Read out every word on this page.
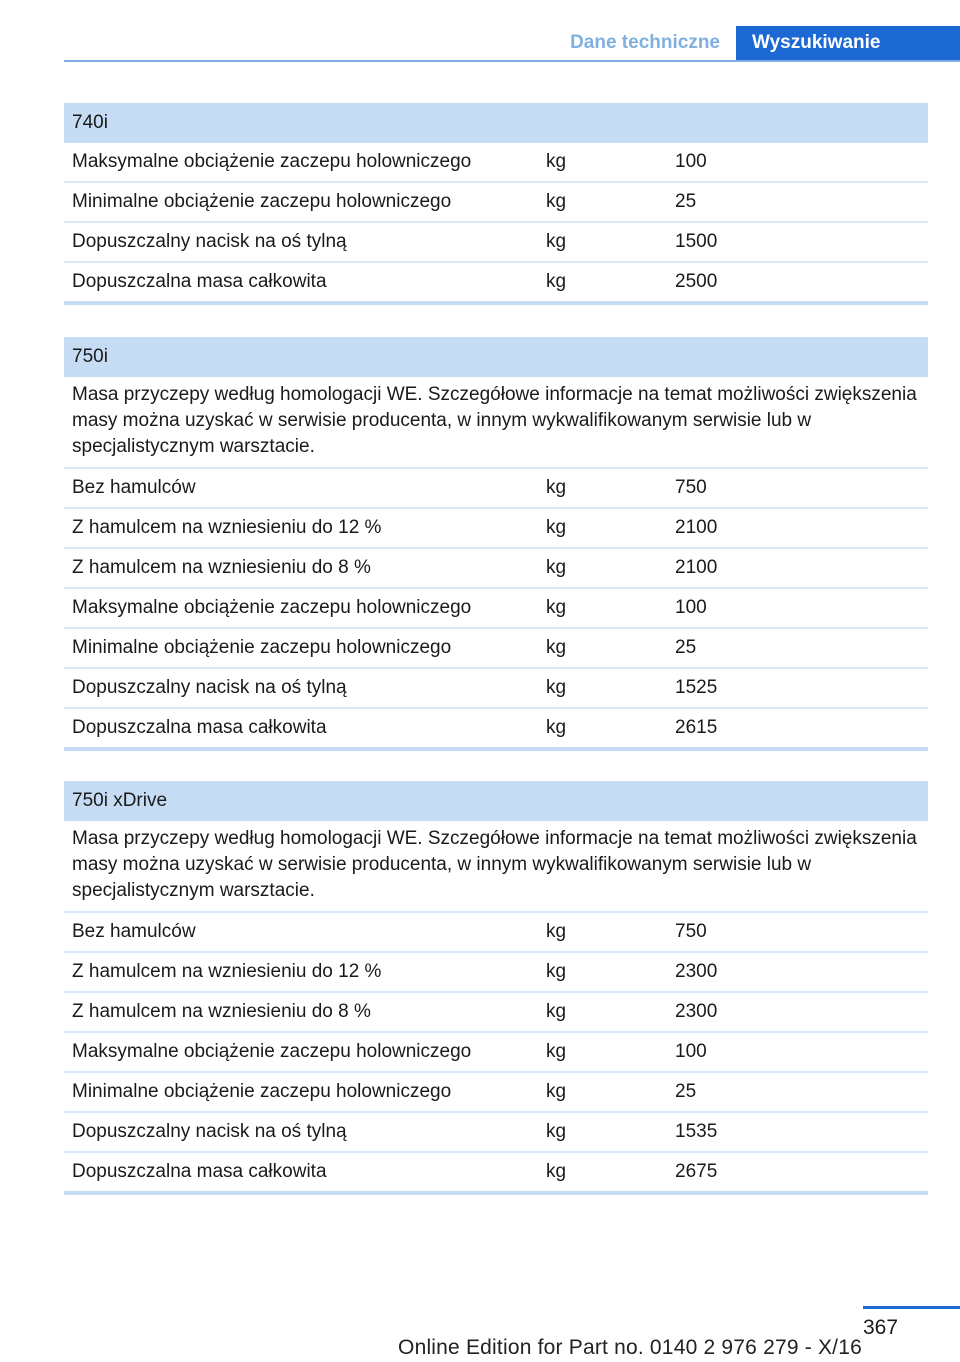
Dane techniczne	Wyszukiwanie
740i
Maksymalne obciążenie zaczepu holowniczego	kg	100
Minimalne obciążenie zaczepu holowniczego	kg	25
Dopuszczalny nacisk na oś tylną	kg	1500
Dopuszczalna masa całkowita	kg	2500
750i
Masa przyczepy według homologacji WE. Szczegółowe informacje na temat możliwości zwiększenia masy można uzyskać w serwisie producenta, w innym wykwalifikowanym serwisie lub w specjalistycznym warsztacie.
Bez hamulców	kg	750
Z hamulcem na wzniesieniu do 12 %	kg	2100
Z hamulcem na wzniesieniu do 8 %	kg	2100
Maksymalne obciążenie zaczepu holowniczego	kg	100
Minimalne obciążenie zaczepu holowniczego	kg	25
Dopuszczalny nacisk na oś tylną	kg	1525
Dopuszczalna masa całkowita	kg	2615
750i xDrive
Masa przyczepy według homologacji WE. Szczegółowe informacje na temat możliwości zwiększenia masy można uzyskać w serwisie producenta, w innym wykwalifikowanym serwisie lub w specjalistycznym warsztacie.
Bez hamulców	kg	750
Z hamulcem na wzniesieniu do 12 %	kg	2300
Z hamulcem na wzniesieniu do 8 %	kg	2300
Maksymalne obciążenie zaczepu holowniczego	kg	100
Minimalne obciążenie zaczepu holowniczego	kg	25
Dopuszczalny nacisk na oś tylną	kg	1535
Dopuszczalna masa całkowita	kg	2675
367
Online Edition for Part no. 0140 2 976 279 - X/16
